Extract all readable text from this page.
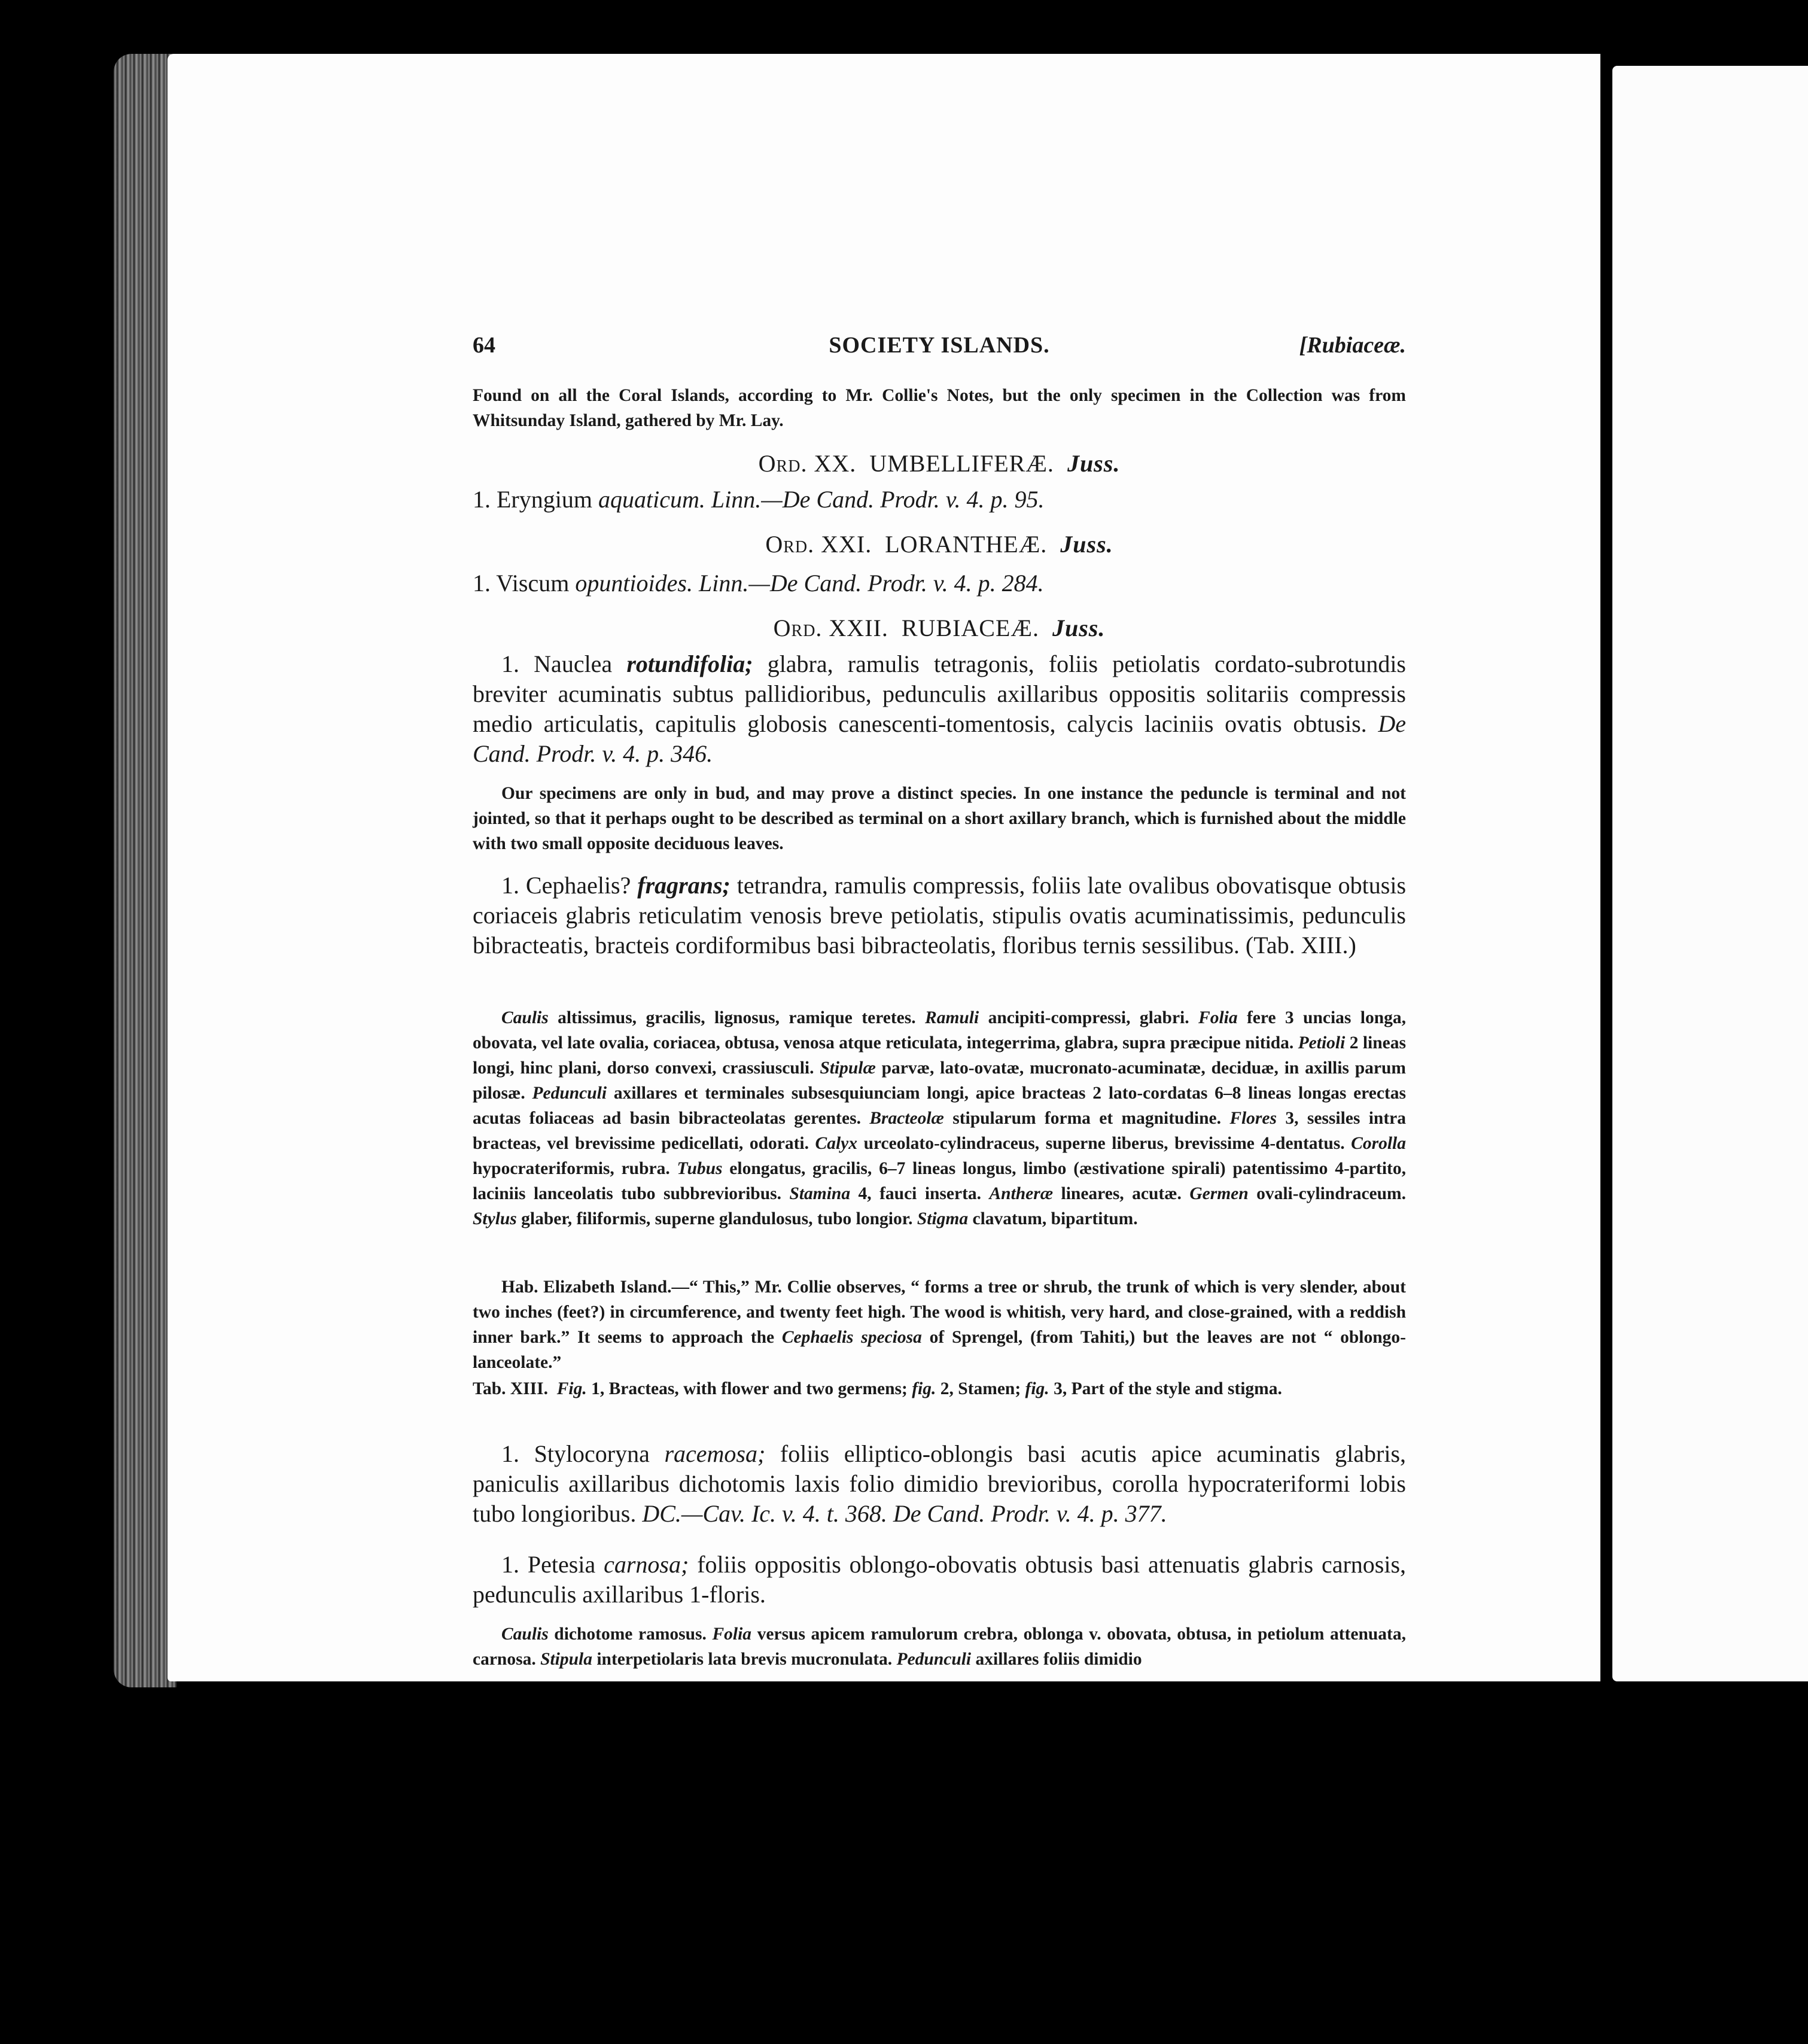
64	SOCIETY ISLANDS.	[Rubiaceæ.
Found on all the Coral Islands, according to Mr. Collie's Notes, but the only specimen in the Collection was from Whitsunday Island, gathered by Mr. Lay.
Ord. XX. UMBELLIFERÆ. Juss.
1. Eryngium aquaticum. Linn.—De Cand. Prodr. v. 4. p. 95.
Ord. XXI. LORANTHEÆ. Juss.
1. Viscum opuntioides. Linn.—De Cand. Prodr. v. 4. p. 284.
Ord. XXII. RUBIACEÆ. Juss.
1. Nauclea rotundifolia; glabra, ramulis tetragonis, foliis petiolatis cordato-subrotundis breviter acuminatis subtus pallidioribus, pedunculis axillaribus oppositis solitariis compressis medio articulatis, capitulis globosis canescenti-tomentosis, calycis laciniis ovatis obtusis. De Cand. Prodr. v. 4. p. 346.
Our specimens are only in bud, and may prove a distinct species. In one instance the peduncle is terminal and not jointed, so that it perhaps ought to be described as terminal on a short axillary branch, which is furnished about the middle with two small opposite deciduous leaves.
1. Cephaelis? fragrans; tetrandra, ramulis compressis, foliis late ovalibus obovatisque obtusis coriaceis glabris reticulatim venosis breve petiolatis, stipulis ovatis acuminatissimis, pedunculis bibracteatis, bracteis cordiformibus basi bibracteolatis, floribus ternis sessilibus. (Tab. XIII.)
Caulis altissimus, gracilis, lignosus, ramique teretes. Ramuli ancipiti-compressi, glabri. Folia fere 3 uncias longa, obovata, vel late ovalia, coriacea, obtusa, venosa atque reticulata, integerrima, glabra, supra præcipue nitida. Petioli 2 lineas longi, hinc plani, dorso convexi, crassiusculi. Stipulæ parvæ, lato-ovatæ, mucronato-acuminatæ, deciduæ, in axillis parum pilosæ. Pedunculi axillares et terminales subsesquiunciam longi, apice bracteas 2 lato-cordatas 6–8 lineas longas erectas acutas foliaceas ad basin bibracteolatas gerentes. Bracteolæ stipularum forma et magnitudine. Flores 3, sessiles intra bracteas, vel brevissime pedicellati, odorati. Calyx urceolato-cylindraceus, superne liberus, brevissime 4-dentatus. Corolla hypocrateriformis, rubra. Tubus elongatus, gracilis, 6–7 lineas longus, limbo (æstivatione spirali) patentissimo 4-partito, laciniis lanceolatis tubo subbrevioribus. Stamina 4, fauci inserta. Antheræ lineares, acutæ. Germen ovali-cylindraceum. Stylus glaber, filiformis, superne glandulosus, tubo longior. Stigma clavatum, bipartitum.
Hab. Elizabeth Island.—“ This,” Mr. Collie observes, “ forms a tree or shrub, the trunk of which is very slender, about two inches (feet?) in circumference, and twenty feet high. The wood is whitish, very hard, and close-grained, with a reddish inner bark.” It seems to approach the Cephaelis speciosa of Sprengel, (from Tahiti,) but the leaves are not “ oblongo-lanceolate.”
Tab. XIII. Fig. 1, Bracteas, with flower and two germens; fig. 2, Stamen; fig. 3, Part of the style and stigma.
1. Stylocoryna racemosa; foliis elliptico-oblongis basi acutis apice acuminatis glabris, paniculis axillaribus dichotomis laxis folio dimidio brevioribus, corolla hypocrateriformi lobis tubo longioribus. DC.—Cav. Ic. v. 4. t. 368. De Cand. Prodr. v. 4. p. 377.
1. Petesia carnosa; foliis oppositis oblongo-obovatis obtusis basi attenuatis glabris carnosis, pedunculis axillaribus 1-floris.
Caulis dichotome ramosus. Folia versus apicem ramulorum crebra, oblonga v. obovata, obtusa, in petiolum attenuata, carnosa. Stipula interpetiolaris lata brevis mucronulata. Pedunculi axillares foliis dimidio
